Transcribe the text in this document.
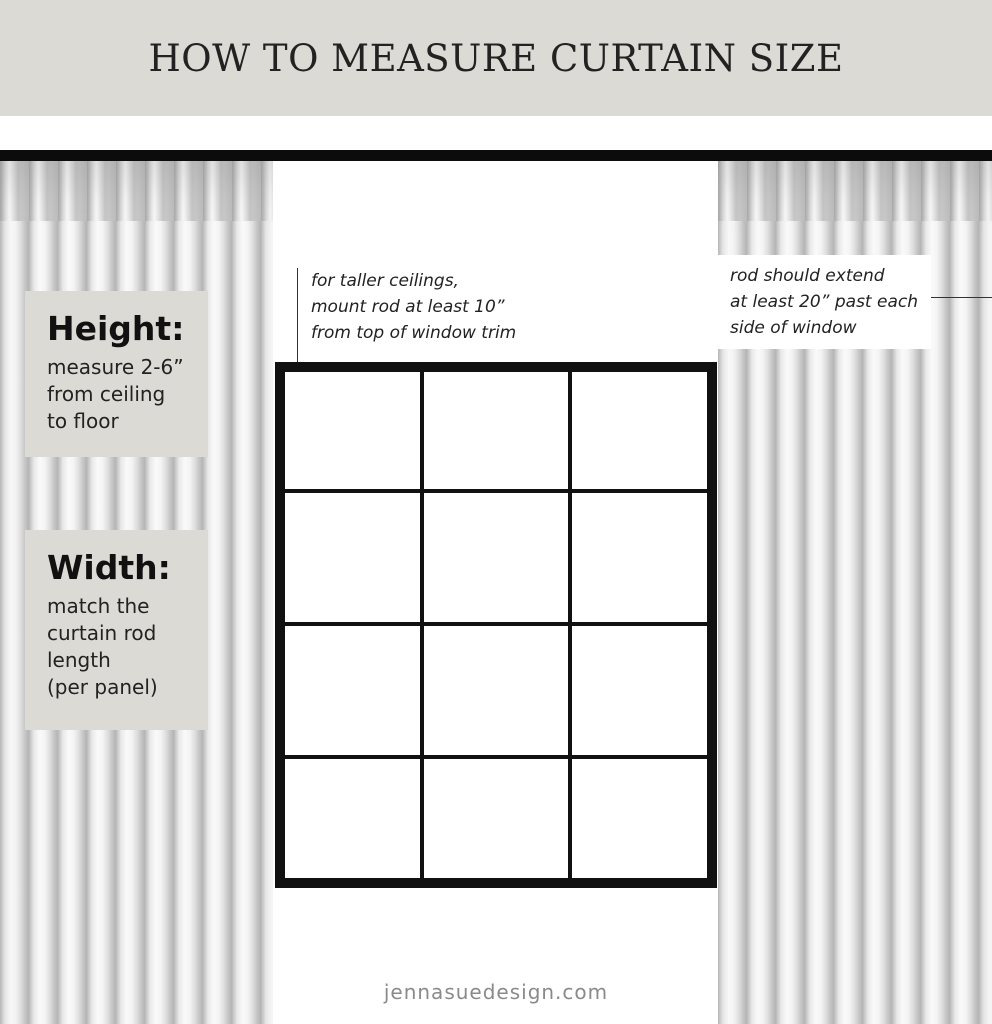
HOW TO MEASURE CURTAIN SIZE
Height:

measure 2-6”
from ceiling
to floor

Width:

match the
curtain rod
length
(per panel)

for taller ceilings,
mount rod at least 10”
from top of window trim
rod should extend
at least 20” past each
side of window
jennasuedesign.com
